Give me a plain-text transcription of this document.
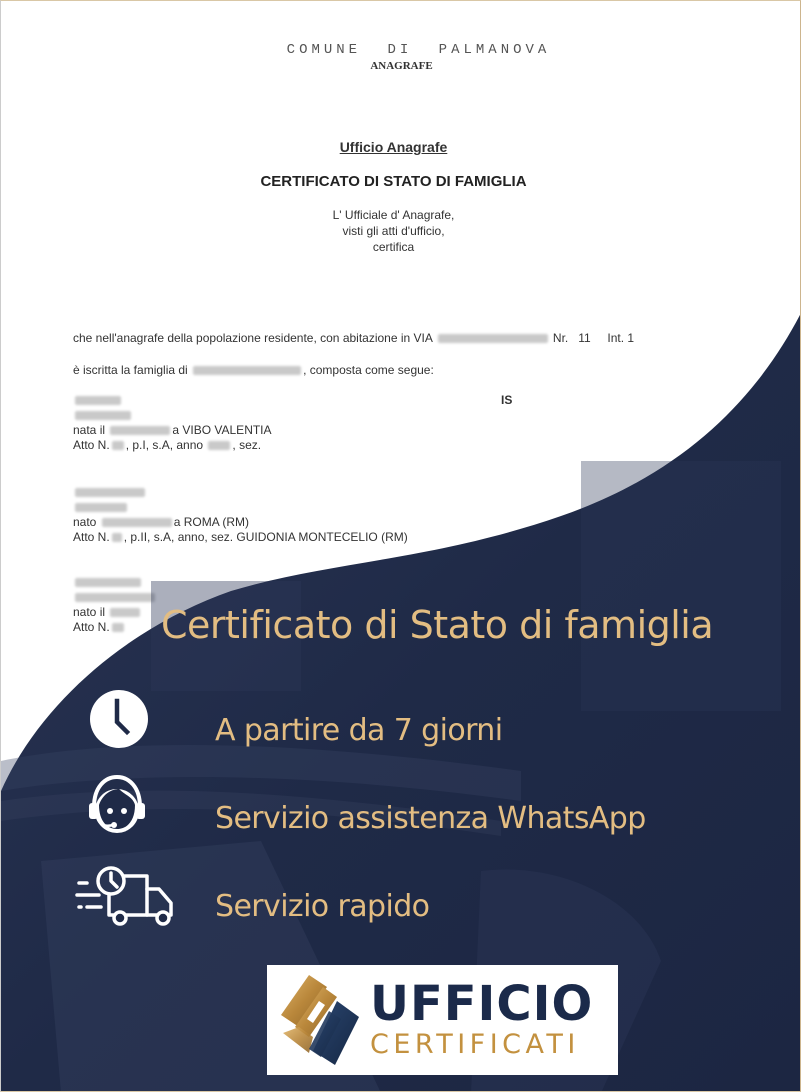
COMUNE DI PALMANOVA
ANAGRAFE
Ufficio Anagrafe
CERTIFICATO DI STATO DI FAMIGLIA
L' Ufficiale d' Anagrafe,
visti gli atti d'ufficio,
certifica
che nell'anagrafe della popolazione residente, con abitazione in VIA	Nr. 11 Int. 1
è iscritta la famiglia di	, composta come segue:
IS
nata il	a VIBO VALENTIA
Atto N. , p.I, s.A, anno , sez.
nato	a ROMA (RM)
Atto N. , p.II, s.A, anno, sez. GUIDONIA MONTECELIO (RM)
nato il
Atto N.	Certificato di Stato di famiglia
A partire da 7 giorni
Servizio assistenza WhatsApp
Servizio rapido
UFFICIO
CERTIFICATI
